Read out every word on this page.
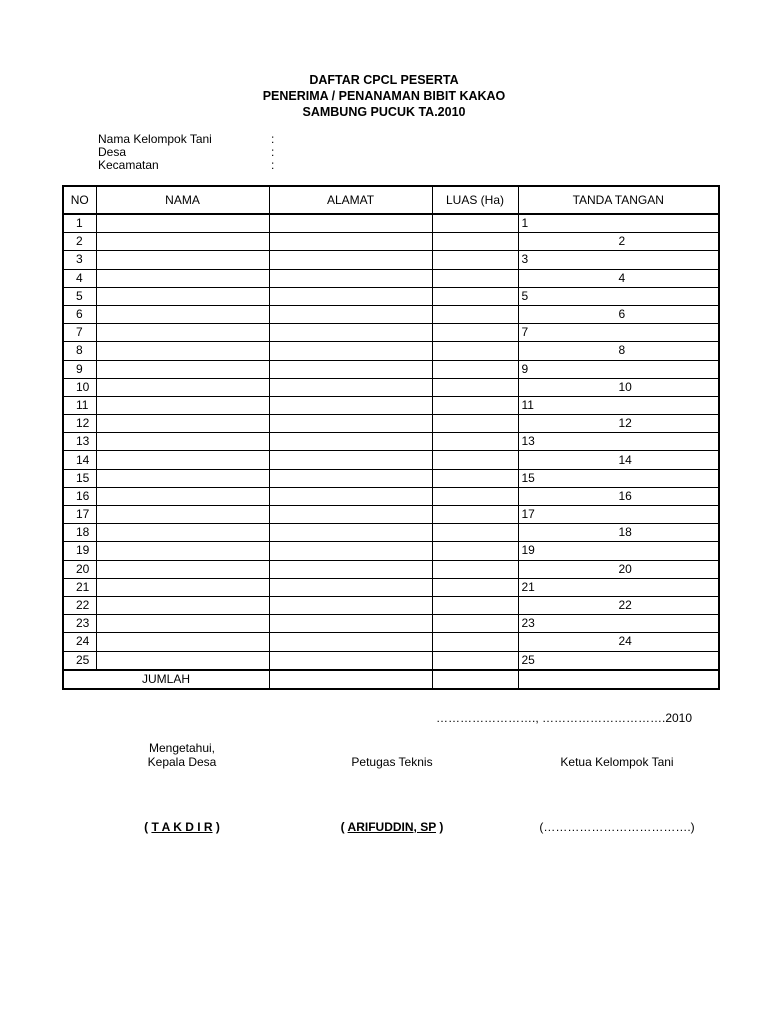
DAFTAR CPCL PESERTA
PENERIMA / PENANAMAN BIBIT KAKAO
SAMBUNG PUCUK TA.2010
Nama Kelompok Tani	:
Desa	:
Kecamatan	:
NO	NAMA	ALAMAT	LUAS (Ha)	TANDA TANGAN
1				1
2				2
3				3
4				4
5				5
6				6
7				7
8				8
9				9
10				10
11				11
12				12
13				13
14				14
15				15
16				16
17				17
18				18
19				19
20				20
21				21
22				22
23				23
24				24
25				25
JUMLAH				
……………………., ………………………….2010
Mengetahui,
Kepala Desa	Petugas Teknis	Ketua Kelompok Tani
( T A K D I R )	( ARIFUDDIN, SP )	(……………………………….)
